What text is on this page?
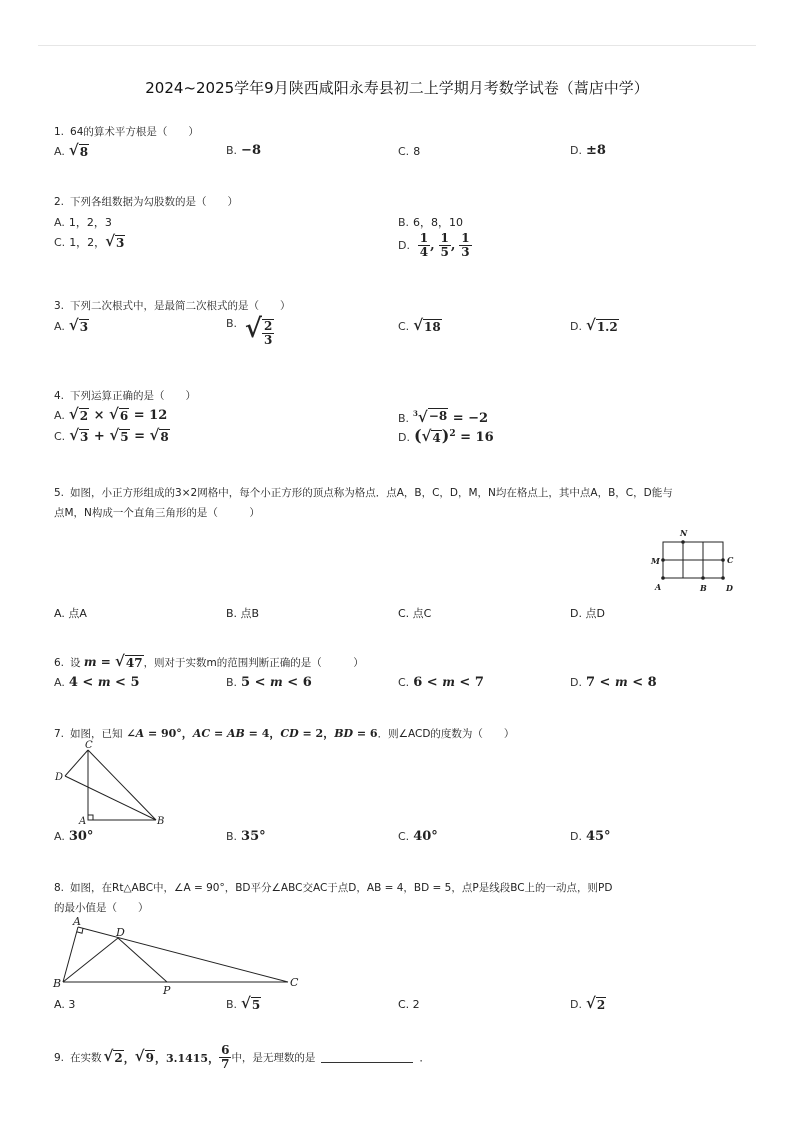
2024~2025学年9月陕西咸阳永寿县初二上学期月考数学试卷（蒿店中学）
1. 64的算术平方根是（　　）
A. √ 8	B. −8	C. 8	D. ±8
2. 下列各组数据为勾股数的是（　　）
A. 1，2，3	B. 6，8，10
C. 1，2， √ 3	D. $\frac{1}{4}$ , $\frac{1}{5}$ , $\frac{1}{3}$
3. 下列二次根式中，是最简二次根式的是（　　）
A. √ 3	B. √ $\frac{2}{3}$	C. √ 18	D. √ 1.2
4. 下列运算正确的是（　　）
A. √ 2 × √ 6 = 12	B. $^3$√ −8 = −2
C. √ 3 + √ 5 = √ 8	D. ( √ 4 )$^2$ = 16
5. 如图，小正方形组成的3×2网格中，每个小正方形的顶点称为格点．点A，B，C，D，M，N均在格点上，其中点A，B，C，D能与
点M，N构成一个直角三角形的是（　　　）
N
M	C
A	B D
A. 点A	B. 点B	C. 点C	D. 点D
6. 设 m = √ 47 ，则对于实数m的范围判断正确的是（　　　）
A. 4 < m < 5	B. 5 < m < 6	C. 6 < m < 7	D. 7 < m < 8
7. 如图，已知 ∠A = 90°，AC = AB = 4，CD = 2，BD = 6．则∠ACD的度数为（　　）
C
D
A	B
A. 30°	B. 35°	C. 40°	D. 45°
8. 如图，在Rt△ABC中，∠A = 90°，BD平分∠ABC交AC于点D，AB = 4，BD = 5，点P是线段BC上的一动点，则PD
的最小值是（　　）
A
D
B
P
C
A. 3	B. √ 5	C. 2	D. √ 2
9. 在实数 √ 2 ， √ 9 ，3.1415， $\frac{6}{7}$ 中，是无理数的是	．
